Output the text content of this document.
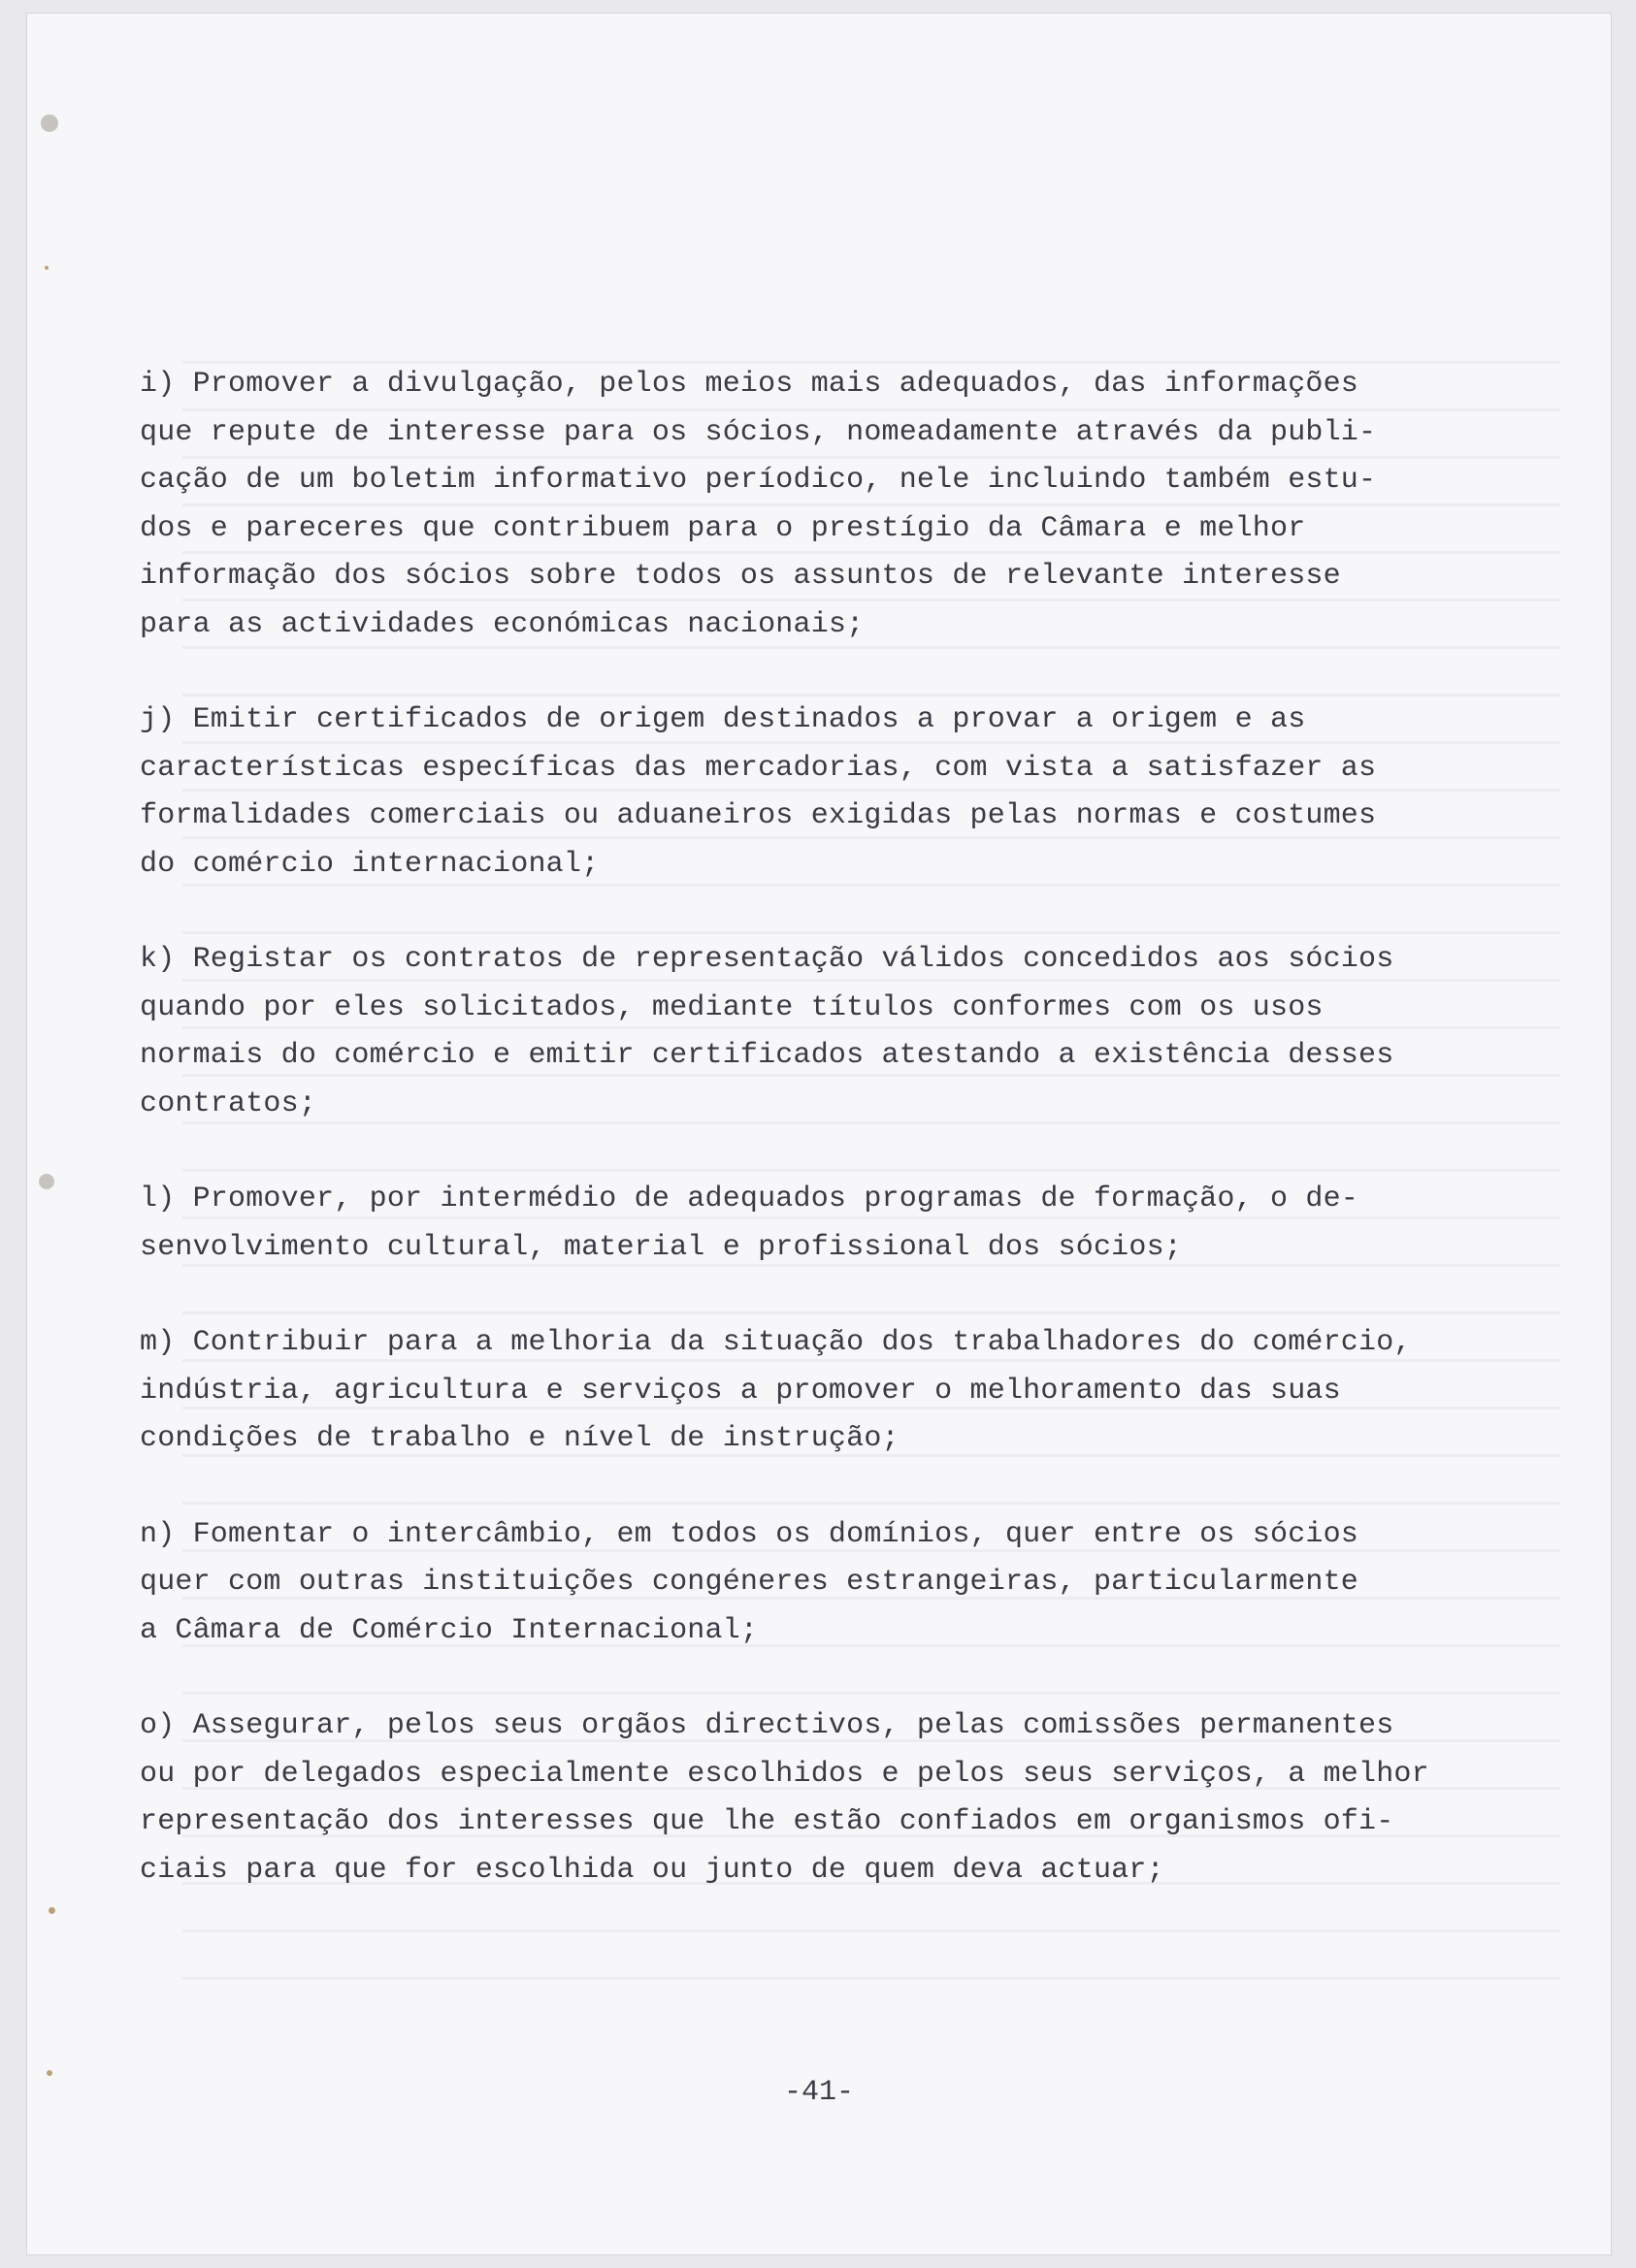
-41-

i) Promover a divulgação, pelos meios mais adequados, das informações
que repute de interesse para os sócios, nomeadamente através da publi-
cação de um boletim informativo períodico, nele incluindo também estu-
dos e pareceres que contribuem para o prestígio da Câmara e melhor
informação dos sócios sobre todos os assuntos de relevante interesse
para as actividades económicas nacionais;

j) Emitir certificados de origem destinados a provar a origem e as
características específicas das mercadorias, com vista a satisfazer as
formalidades comerciais ou aduaneiros exigidas pelas normas e costumes
do comércio internacional;

k) Registar os contratos de representação válidos concedidos aos sócios
quando por eles solicitados, mediante títulos conformes com os usos
normais do comércio e emitir certificados atestando a existência desses
contratos;

l) Promover, por intermédio de adequados programas de formação, o de-
senvolvimento cultural, material e profissional dos sócios;

m) Contribuir para a melhoria da situação dos trabalhadores do comércio,
indústria, agricultura e serviços a promover o melhoramento das suas
condições de trabalho e nível de instrução;

n) Fomentar o intercâmbio, em todos os domínios, quer entre os sócios
quer com outras instituições congéneres estrangeiras, particularmente
a Câmara de Comércio Internacional;

o) Assegurar, pelos seus orgãos directivos, pelas comissões permanentes
ou por delegados especialmente escolhidos e pelos seus serviços, a melhor
representação dos interesses que lhe estão confiados em organismos ofi-
ciais para que for escolhida ou junto de quem deva actuar;
